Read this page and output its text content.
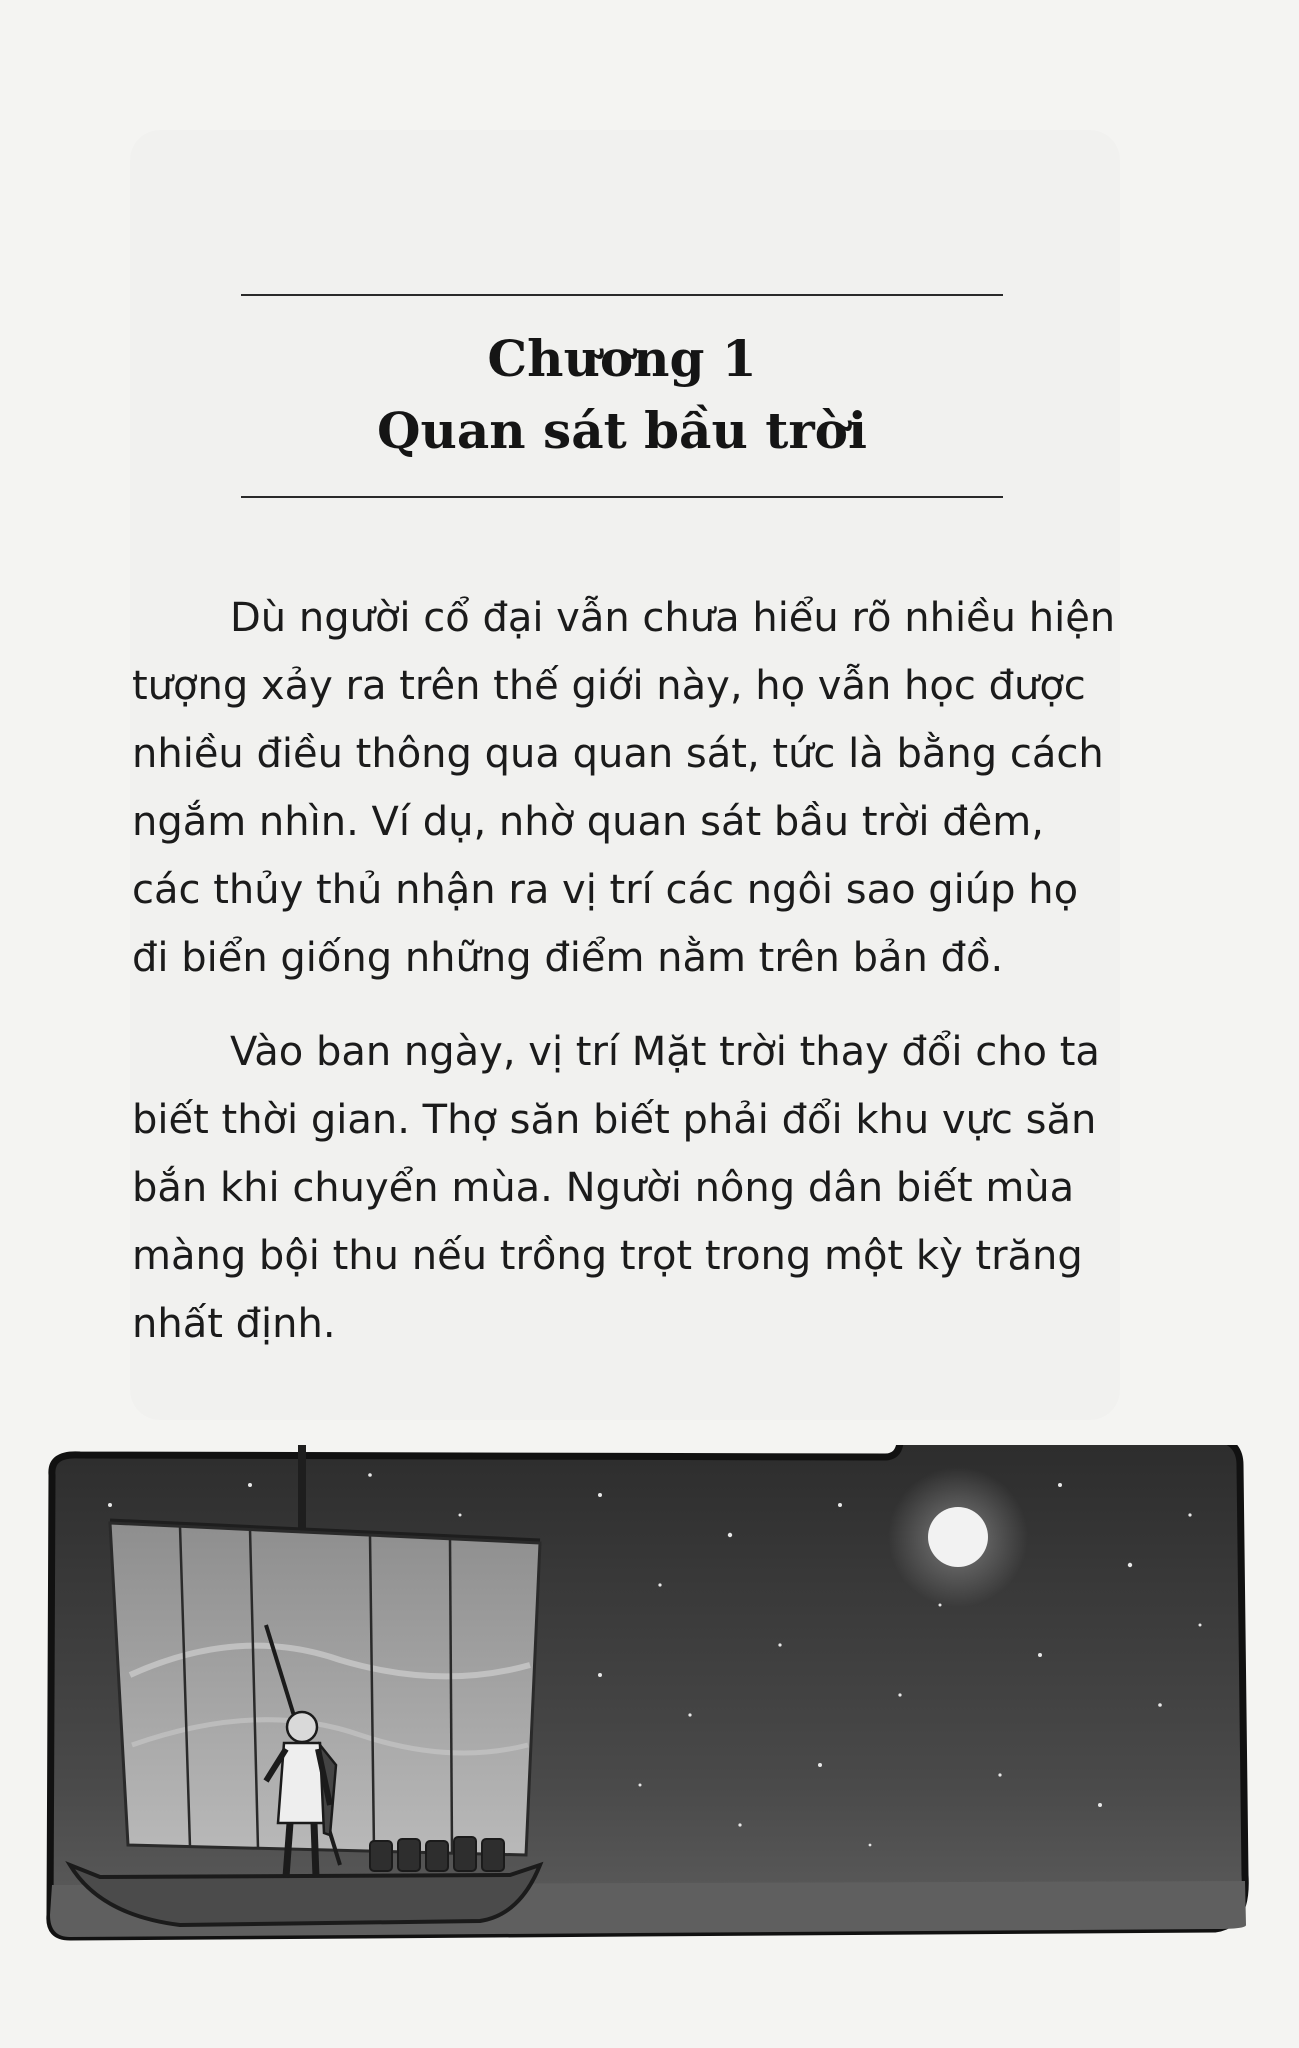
Chương 1
Quan sát bầu trời

Dù người cổ đại vẫn chưa hiểu rõ nhiều hiện
tượng xảy ra trên thế giới này, họ vẫn học được
nhiều điều thông qua quan sát, tức là bằng cách
ngắm nhìn. Ví dụ, nhờ quan sát bầu trời đêm,
các thủy thủ nhận ra vị trí các ngôi sao giúp họ
đi biển giống những điểm nằm trên bản đồ.

Vào ban ngày, vị trí Mặt trời thay đổi cho ta
biết thời gian. Thợ săn biết phải đổi khu vực săn
bắn khi chuyển mùa. Người nông dân biết mùa
màng bội thu nếu trồng trọt trong một kỳ trăng
nhất định.
